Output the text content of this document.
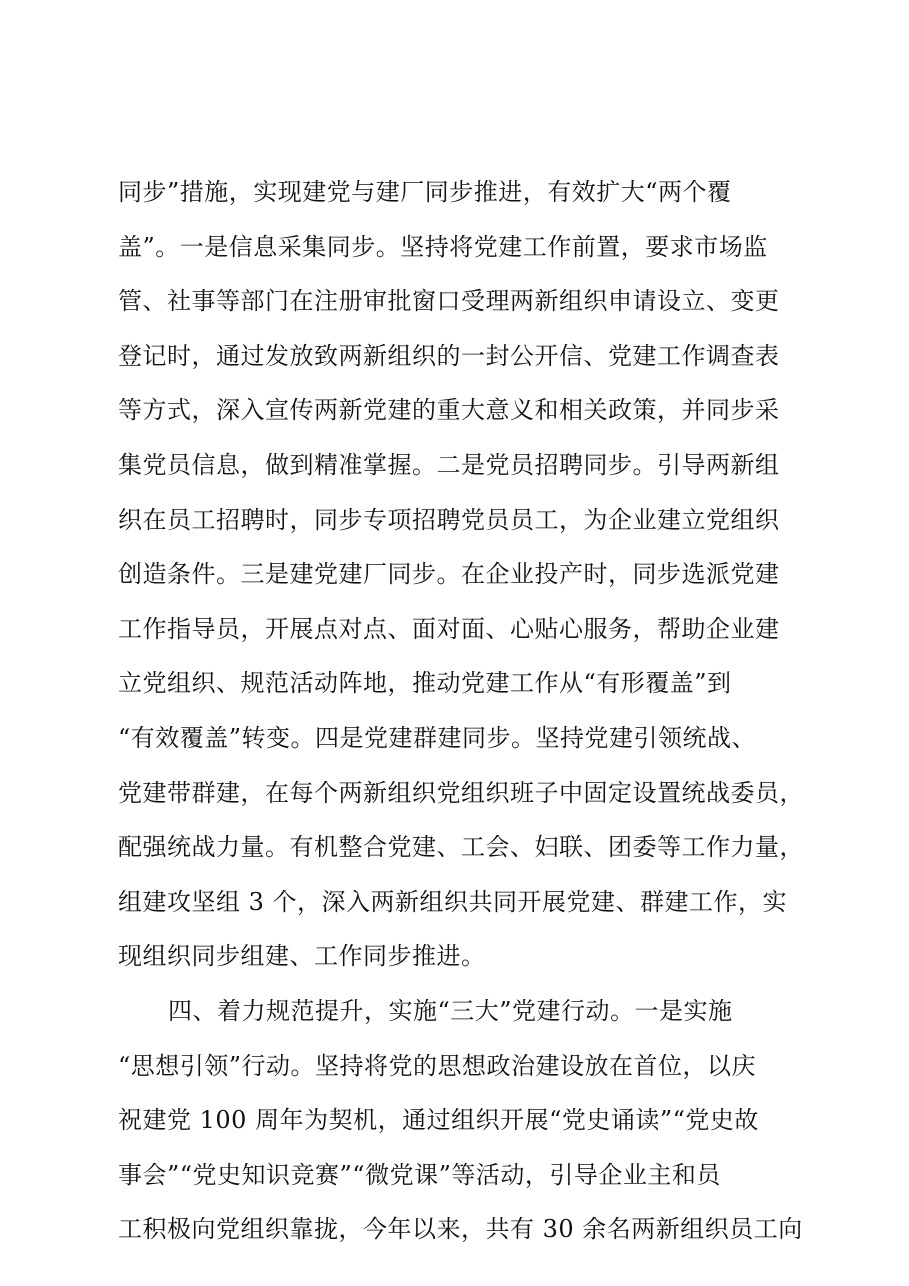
同步”措施，实现建党与建厂同步推进，有效扩大“两个覆
盖”。一是信息采集同步。坚持将党建工作前置，要求市场监
管、社事等部门在注册审批窗口受理两新组织申请设立、变更
登记时，通过发放致两新组织的一封公开信、党建工作调查表
等方式，深入宣传两新党建的重大意义和相关政策，并同步采
集党员信息，做到精准掌握。二是党员招聘同步。引导两新组
织在员工招聘时，同步专项招聘党员员工，为企业建立党组织
创造条件。三是建党建厂同步。在企业投产时，同步选派党建
工作指导员，开展点对点、面对面、心贴心服务，帮助企业建
立党组织、规范活动阵地，推动党建工作从“有形覆盖”到
“有效覆盖”转变。四是党建群建同步。坚持党建引领统战、
党建带群建，在每个两新组织党组织班子中固定设置统战委员，
配强统战力量。有机整合党建、工会、妇联、团委等工作力量，
组建攻坚组 3 个，深入两新组织共同开展党建、群建工作，实
现组织同步组建、工作同步推进。
四、着力规范提升，实施“三大”党建行动。一是实施
“思想引领”行动。坚持将党的思想政治建设放在首位，以庆
祝建党 100 周年为契机，通过组织开展“党史诵读”“党史故
事会”“党史知识竞赛”“微党课”等活动，引导企业主和员
工积极向党组织靠拢，今年以来，共有 30 余名两新组织员工向
